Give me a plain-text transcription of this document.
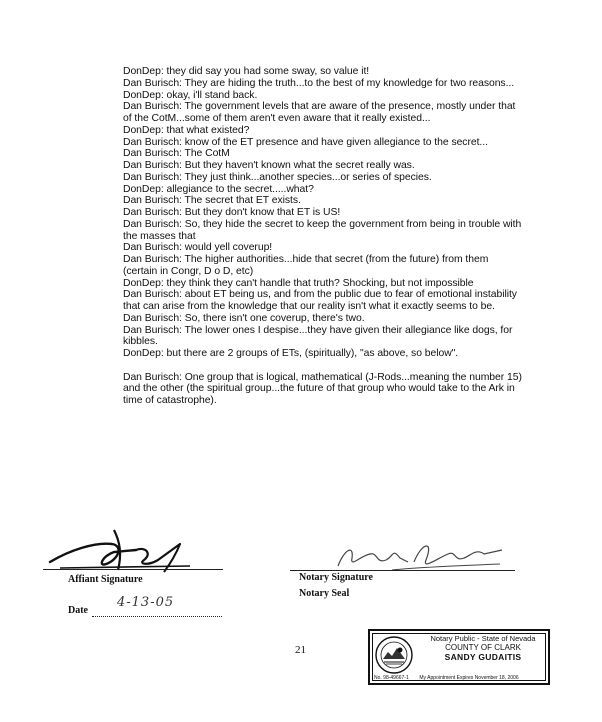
DonDep: they did say you had some sway, so value it!
Dan Burisch: They are hiding the truth...to the best of my knowledge for two reasons...
DonDep: okay, i'll stand back.
Dan Burisch: The government levels that are aware of the presence, mostly under that of the CotM...some of them aren't even aware that it really existed...
DonDep: that what existed?
Dan Burisch: know of the ET presence and have given allegiance to the secret...
Dan Burisch: The CotM
Dan Burisch: But they haven't known what the secret really was.
Dan Burisch: They just think...another species...or series of species.
DonDep: allegiance to the secret.....what?
Dan Burisch: The secret that ET exists.
Dan Burisch: But they don't know that ET is US!
Dan Burisch: So, they hide the secret to keep the government from being in trouble with the masses that
Dan Burisch: would yell coverup!
Dan Burisch: The higher authorities...hide that secret (from the future) from them (certain in Congr, D o D, etc)
DonDep: they think they can't handle that truth? Shocking, but not impossible
Dan Burisch: about ET being us, and from the public due to fear of emotional instability that can arise from the knowledge that our reality isn't what it exactly seems to be.
Dan Burisch: So, there isn't one coverup, there's two.
Dan Burisch: The lower ones I despise...they have given their allegiance like dogs, for kibbles.
DonDep: but there are 2 groups of ETs, (spiritually), "as above, so below".
Dan Burisch: One group that is logical, mathematical (J-Rods...meaning the number 15) and the other (the spiritual group...the future of that group who would take to the Ark in time of catastrophe).
Affiant Signature	Notary Signature
Notary Seal
Date
4-13-05
21
Notary Public - State of Nevada
COUNTY OF CLARK
SANDY GUDAITIS
No. 98-49667-1 My Appointment Expires November 18, 2006
